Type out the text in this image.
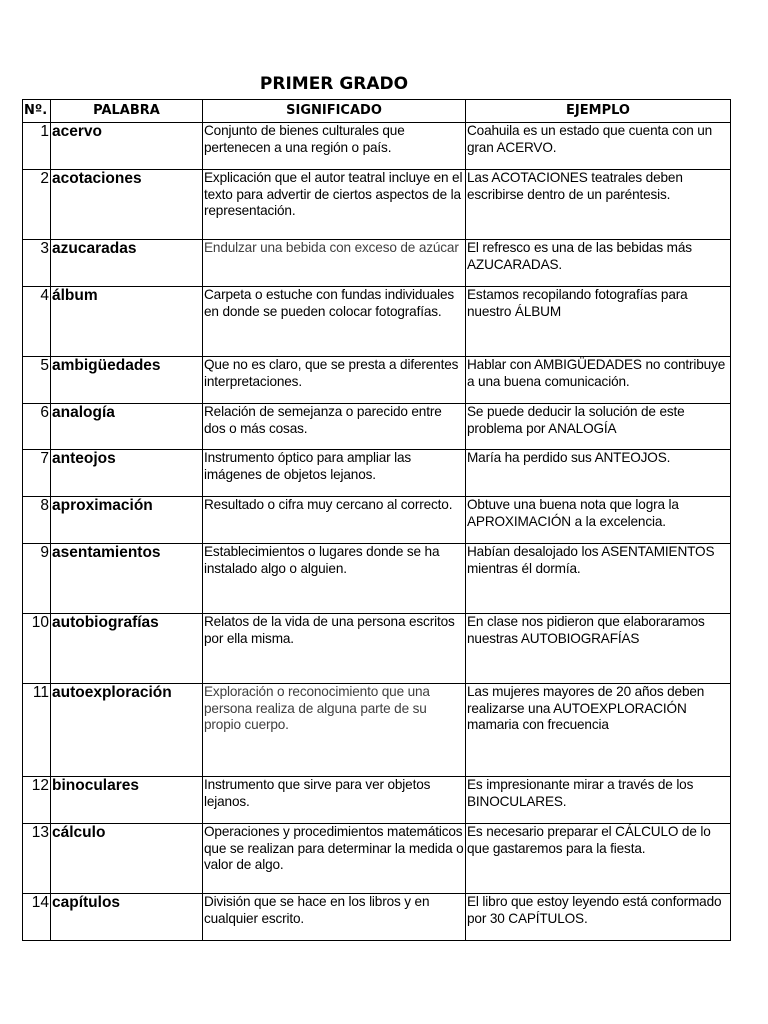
PRIMER GRADO
Nº.	PALABRA	SIGNIFICADO	EJEMPLO
1	acervo	Conjunto de bienes culturales que pertenecen a una región o país.	Coahuila es un estado que cuenta con un gran ACERVO.
2	acotaciones	Explicación que el autor teatral incluye en el texto para advertir de ciertos aspectos de la representación.	Las ACOTACIONES teatrales deben escribirse dentro de un paréntesis.
3	azucaradas	Endulzar una bebida con exceso de azúcar	El refresco es una de las bebidas más AZUCARADAS.
4	álbum	Carpeta o estuche con fundas individuales en donde se pueden colocar fotografías.	Estamos recopilando fotografías para nuestro ÁLBUM
5	ambigüedades	Que no es claro, que se presta a diferentes interpretaciones.	Hablar con AMBIGÜEDADES no contribuye a una buena comunicación.
6	analogía	Relación de semejanza o parecido entre dos o más cosas.	Se puede deducir la solución de este problema por ANALOGÍA
7	anteojos	Instrumento óptico para ampliar las imágenes de objetos lejanos.	María ha perdido sus ANTEOJOS.
8	aproximación	Resultado o cifra muy cercano al correcto.	Obtuve una buena nota que logra la APROXIMACIÓN a la excelencia.
9	asentamientos	Establecimientos o lugares donde se ha instalado algo o alguien.	Habían desalojado los ASENTAMIENTOS mientras él dormía.
10	autobiografías	Relatos de la vida de una persona escritos por ella misma.	En clase nos pidieron que elaboraramos nuestras AUTOBIOGRAFÍAS
11	autoexploración	Exploración o reconocimiento que una persona realiza de alguna parte de su propio cuerpo.	Las mujeres mayores de 20 años deben realizarse una AUTOEXPLORACIÓN mamaria con frecuencia
12	binoculares	Instrumento que sirve para ver objetos lejanos.	Es impresionante mirar a través de los BINOCULARES.
13	cálculo	Operaciones y procedimientos matemáticos que se realizan para determinar la medida o valor de algo.	Es necesario preparar el CÁLCULO de lo que gastaremos para la fiesta.
14	capítulos	División que se hace en los libros y en cualquier escrito.	El libro que estoy leyendo está conformado por 30 CAPÍTULOS.
